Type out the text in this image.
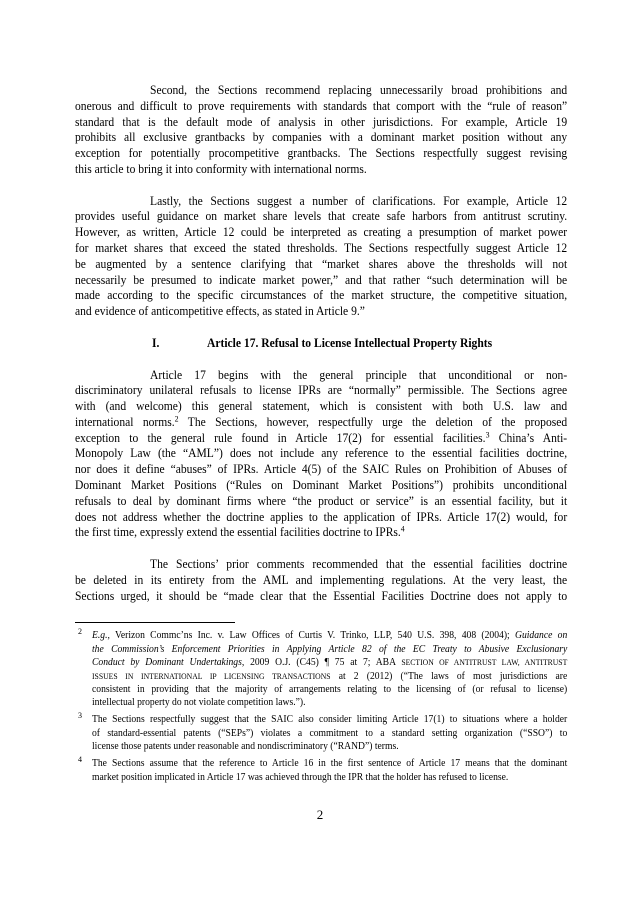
Second, the Sections recommend replacing unnecessarily broad prohibitions and
onerous and difficult to prove requirements with standards that comport with the “rule of reason”
standard that is the default mode of analysis in other jurisdictions. For example, Article 19
prohibits all exclusive grantbacks by companies with a dominant market position without any
exception for potentially procompetitive grantbacks. The Sections respectfully suggest revising
this article to bring it into conformity with international norms.
Lastly, the Sections suggest a number of clarifications. For example, Article 12
provides useful guidance on market share levels that create safe harbors from antitrust scrutiny.
However, as written, Article 12 could be interpreted as creating a presumption of market power
for market shares that exceed the stated thresholds. The Sections respectfully suggest Article 12
be augmented by a sentence clarifying that “market shares above the thresholds will not
necessarily be presumed to indicate market power,” and that rather “such determination will be
made according to the specific circumstances of the market structure, the competitive situation,
and evidence of anticompetitive effects, as stated in Article 9.”
I.	Article 17. Refusal to License Intellectual Property Rights
Article 17 begins with the general principle that unconditional or non-
discriminatory unilateral refusals to license IPRs are “normally” permissible. The Sections agree
with (and welcome) this general statement, which is consistent with both U.S. law and
international norms.$^2$ The Sections, however, respectfully urge the deletion of the proposed
exception to the general rule found in Article 17(2) for essential facilities.$^3$ China’s Anti-
Monopoly Law (the “AML”) does not include any reference to the essential facilities doctrine,
nor does it define “abuses” of IPRs. Article 4(5) of the SAIC Rules on Prohibition of Abuses of
Dominant Market Positions (“Rules on Dominant Market Positions”) prohibits unconditional
refusals to deal by dominant firms where “the product or service” is an essential facility, but it
does not address whether the doctrine applies to the application of IPRs. Article 17(2) would, for
the first time, expressly extend the essential facilities doctrine to IPRs.$^4$
The Sections’ prior comments recommended that the essential facilities doctrine
be deleted in its entirety from the AML and implementing regulations. At the very least, the
Sections urged, it should be “made clear that the Essential Facilities Doctrine does not apply to
2 E.g., Verizon Commc’ns Inc. v. Law Offices of Curtis V. Trinko, LLP, 540 U.S. 398, 408 (2004); Guidance on
the Commission’s Enforcement Priorities in Applying Article 82 of the EC Treaty to Abusive Exclusionary
Conduct by Dominant Undertakings, 2009 O.J. (C45) ¶ 75 at 7; ABA SECTION OF ANTITRUST LAW, ANTITRUST
ISSUES IN INTERNATIONAL IP LICENSING TRANSACTIONS at 2 (2012) (“The laws of most jurisdictions are
consistent in providing that the majority of arrangements relating to the licensing of (or refusal to license)
intellectual property do not violate competition laws.”).
3 The Sections respectfully suggest that the SAIC also consider limiting Article 17(1) to situations where a holder
of standard-essential patents (“SEPs”) violates a commitment to a standard setting organization (“SSO”) to
license those patents under reasonable and nondiscriminatory (“RAND”) terms.
4 The Sections assume that the reference to Article 16 in the first sentence of Article 17 means that the dominant
market position implicated in Article 17 was achieved through the IPR that the holder has refused to license.
2
